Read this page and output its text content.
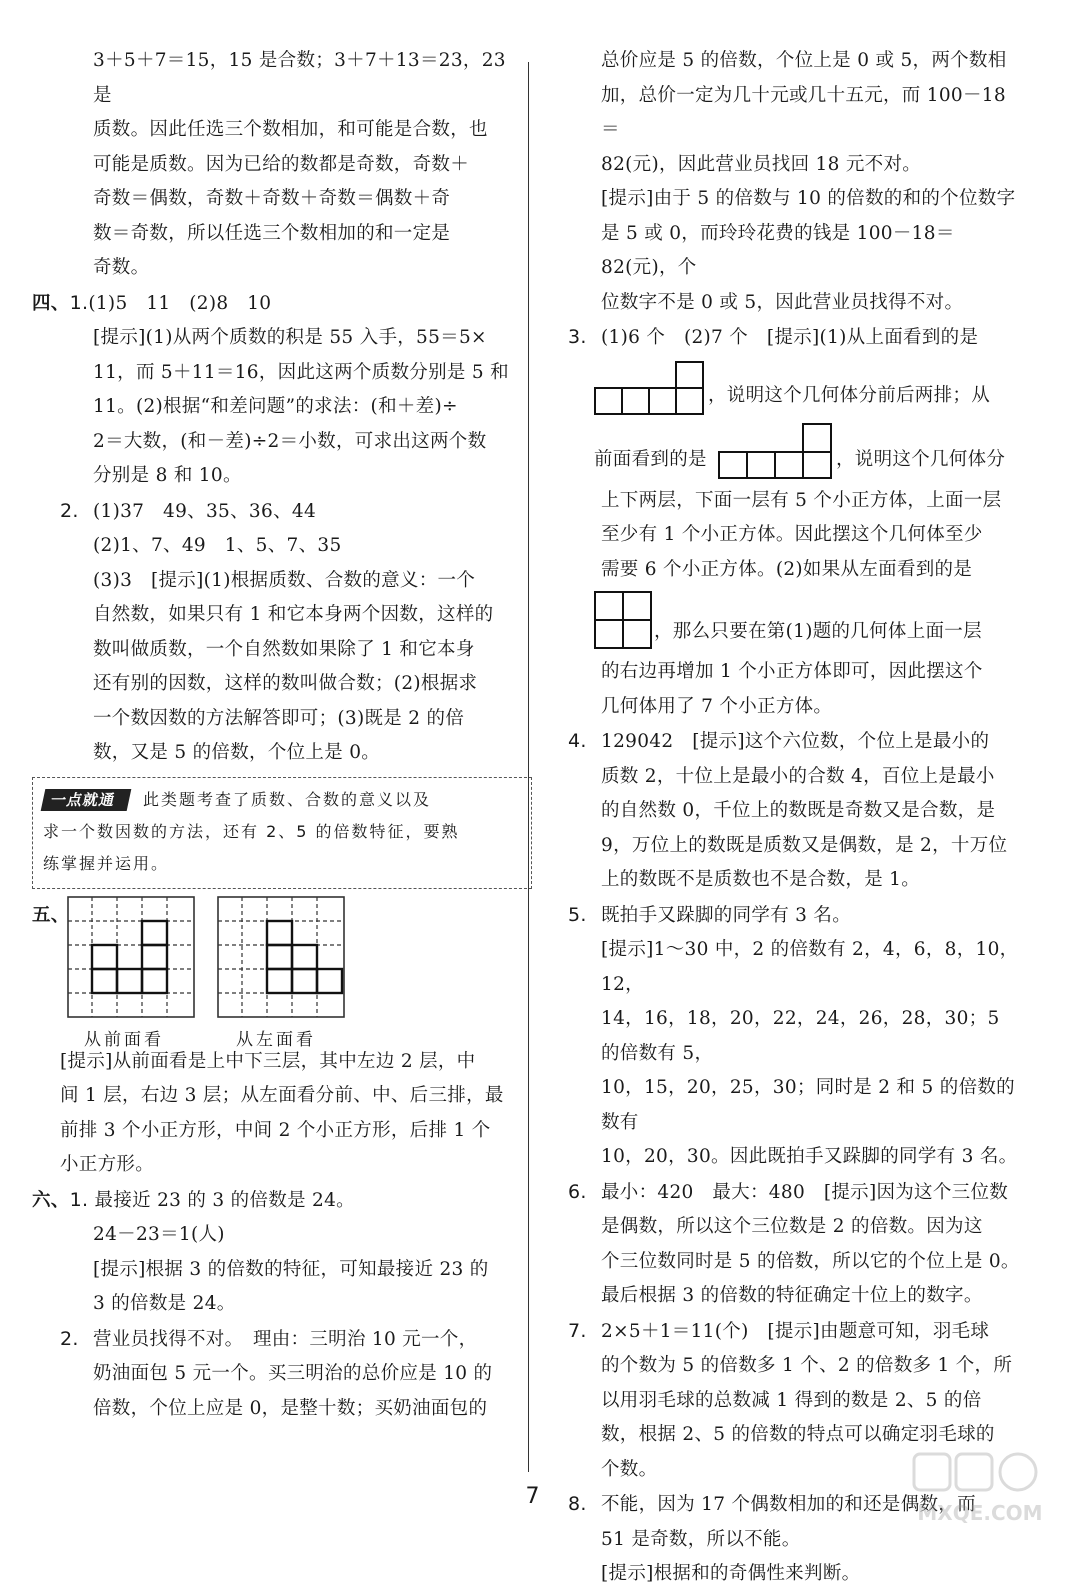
3＋5＋7＝15，15 是合数；3＋7＋13＝23，23 是

质数。因此任选三个数相加，和可能是合数，也

可能是质数。因为已给的数都是奇数，奇数＋

奇数＝偶数，奇数＋奇数＋奇数＝偶数＋奇

数＝奇数，所以任选三个数相加的和一定是

奇数。

四、1.(1)5　11　(2)8　10

[提示](1)从两个质数的积是 55 入手，55＝5×

11，而 5＋11＝16，因此这两个质数分别是 5 和

11。(2)根据“和差问题”的求法：(和＋差)÷

2＝大数，(和－差)÷2＝小数，可求出这两个数

分别是 8 和 10。

2. (1)37　49、35、36、44

(2)1、7、49　1、5、7、35

(3)3　[提示](1)根据质数、合数的意义：一个

自然数，如果只有 1 和它本身两个因数，这样的

数叫做质数，一个自然数如果除了 1 和它本身

还有别的因数，这样的数叫做合数；(2)根据求

一个数因数的方法解答即可；(3)既是 2 的倍

数，又是 5 的倍数，个位上是 0。

一点就通 此类题考查了质数、合数的意义以及
求一个数因数的方法，还有 2、5 的倍数特征，要熟
练掌握并运用。
五、
从前面看	从左面看

[提示]从前面看是上中下三层，其中左边 2 层，中

间 1 层，右边 3 层；从左面看分前、中、后三排，最

前排 3 个小正方形，中间 2 个小正方形，后排 1 个

小正方形。

六、1. 最接近 23 的 3 的倍数是 24。

24－23＝1(人)

[提示]根据 3 的倍数的特征，可知最接近 23 的

3 的倍数是 24。

2. 营业员找得不对。　理由：三明治 10 元一个，

奶油面包 5 元一个。买三明治的总价应是 10 的

倍数，个位上应是 0，是整十数；买奶油面包的

总价应是 5 的倍数，个位上是 0 或 5，两个数相

加，总价一定为几十元或几十五元，而 100－18＝

82(元)，因此营业员找回 18 元不对。

[提示]由于 5 的倍数与 10 的倍数的和的个位数字

是 5 或 0，而玲玲花费的钱是 100－18＝82(元)，个

位数字不是 0 或 5，因此营业员找得不对。

3. (1)6 个　(2)7 个　[提示](1)从上面看到的是

，说明这个几何体分前后两排；从
前面看到的是	，说明这个几何体分

上下两层，下面一层有 5 个小正方体，上面一层

至少有 1 个小正方体。因此摆这个几何体至少

需要 6 个小正方体。(2)如果从左面看到的是

，那么只要在第(1)题的几何体上面一层

的右边再增加 1 个小正方体即可，因此摆这个

几何体用了 7 个小正方体。

4. 129042　[提示]这个六位数，个位上是最小的

质数 2，十位上是最小的合数 4，百位上是最小

的自然数 0，千位上的数既是奇数又是合数，是

9，万位上的数既是质数又是偶数，是 2，十万位

上的数既不是质数也不是合数，是 1。

5. 既拍手又跺脚的同学有 3 名。

[提示]1～30 中，2 的倍数有 2，4，6，8，10，12，

14，16，18，20，22，24，26，28，30；5 的倍数有 5，

10，15，20，25，30；同时是 2 和 5 的倍数的数有

10，20，30。因此既拍手又跺脚的同学有 3 名。

6. 最小：420　最大：480　[提示]因为这个三位数

是偶数，所以这个三位数是 2 的倍数。因为这

个三位数同时是 5 的倍数，所以它的个位上是 0。

最后根据 3 的倍数的特征确定十位上的数字。

7. 2×5＋1＝11(个)　[提示]由题意可知，羽毛球

的个数为 5 的倍数多 1 个、2 的倍数多 1 个，所

以用羽毛球的总数减 1 得到的数是 2、5 的倍

数，根据 2、5 的倍数的特点可以确定羽毛球的

个数。

8. 不能，因为 17 个偶数相加的和还是偶数，而

51 是奇数，所以不能。

[提示]根据和的奇偶性来判断。

7
MXQE.COM
